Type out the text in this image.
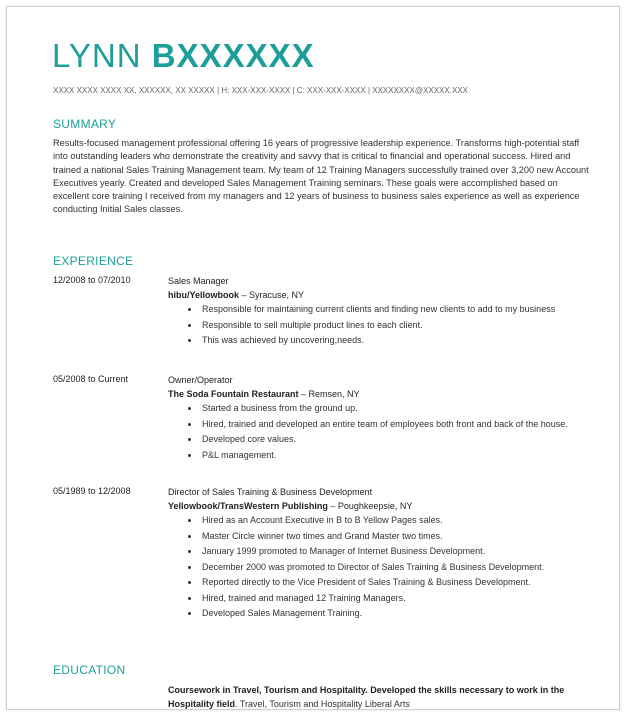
LYNN BXXXXXX
XXXX XXXX XXXX XX, XXXXXX, XX XXXXX | H: XXX-XXX-XXXX | C: XXX-XXX-XXXX | XXXXXXXX@XXXXX.XXX
SUMMARY
Results-focused management professional offering 16 years of progressive leadership experience. Transforms high-potential staff into outstanding leaders who demonstrate the creativity and savvy that is critical to financial and operational success. Hired and trained a national Sales Training Management team. My team of 12 Training Managers successfully trained over 3,200 new Account Executives yearly. Created and developed Sales Management Training seminars. These goals were accomplished based on excellent core training I received from my managers and 12 years of business to business sales experience as well as experience conducting Initial Sales classes.
EXPERIENCE
12/2008 to 07/2010	Sales Manager
hibu/Yellowbook – Syracuse, NY
• Responsible for maintaining current clients and finding new clients to add to my business
• Responsible to sell multiple product lines to each client.
• This was achieved by uncovering,needs.
05/2008 to Current	Owner/Operator
The Soda Fountain Restaurant – Remsen, NY
• Started a business from the ground up.
• Hired, trained and developed an entire team of employees both front and back of the house.
• Developed core values.
• P&L management.
05/1989 to 12/2008	Director of Sales Training & Business Development
Yellowbook/TransWestern Publishing – Poughkeepsie, NY
• Hired as an Account Executive in B to B Yellow Pages sales.
• Master Circle winner two times and Grand Master two times.
• January 1999 promoted to Manager of Internet Business Development.
• December 2000 was promoted to Director of Sales Training & Business Development.
• Reported directly to the Vice President of Sales Training & Business Development.
• Hired, trained and managed 12 Training Managers.
• Developed Sales Management Training.
EDUCATION
Coursework in Travel, Tourism and Hospitality. Developed the skills necessary to work in the Hospitality field. Travel, Tourism and Hospitality Liberal Arts
